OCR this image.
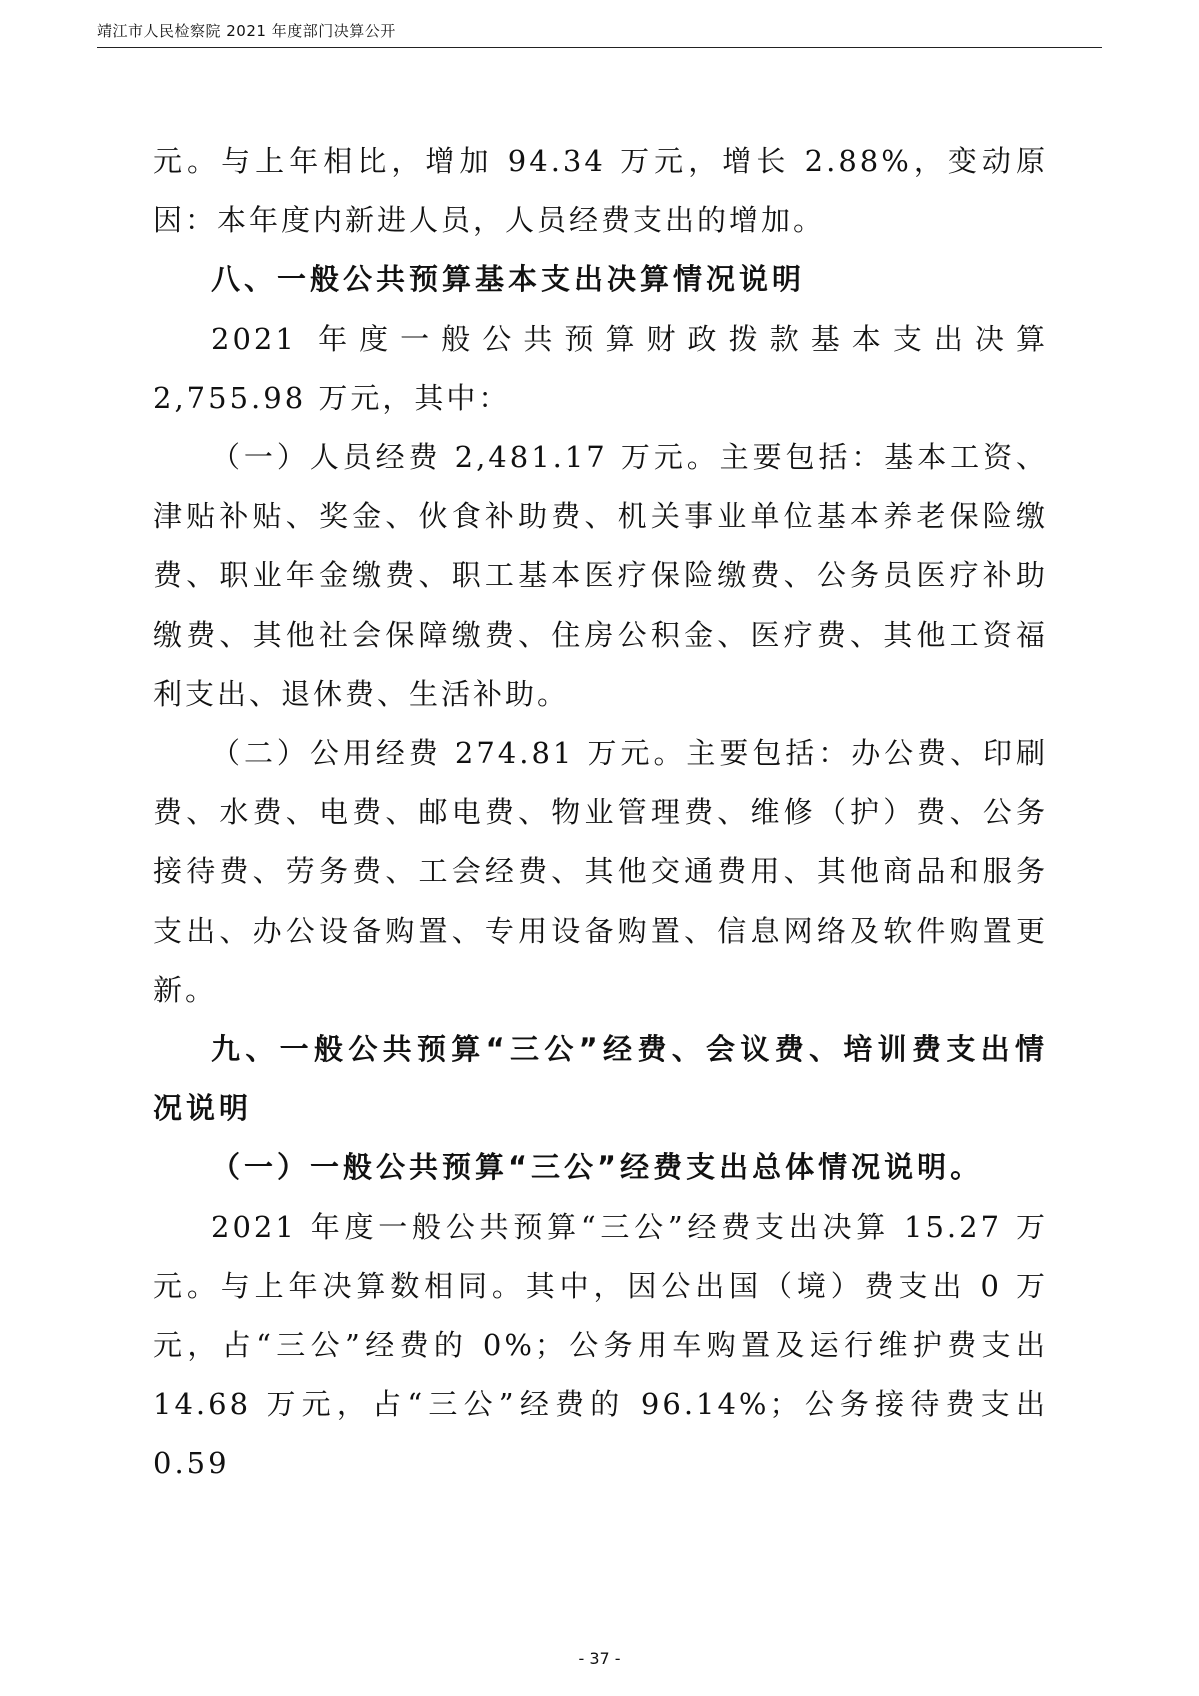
靖江市人民检察院 2021 年度部门决算公开

元。与上年相比，增加 94.34 万元，增长 2.88%，变动原因：本年度内新进人员，人员经费支出的增加。

八、一般公共预算基本支出决算情况说明

2021 年度一般公共预算财政拨款基本支出决算 2,755.98 万元，其中：

（一）人员经费 2,481.17 万元。主要包括：基本工资、津贴补贴、奖金、伙食补助费、机关事业单位基本养老保险缴费、职业年金缴费、职工基本医疗保险缴费、公务员医疗补助缴费、其他社会保障缴费、住房公积金、医疗费、其他工资福利支出、退休费、生活补助。

（二）公用经费 274.81 万元。主要包括：办公费、印刷费、水费、电费、邮电费、物业管理费、维修（护）费、公务接待费、劳务费、工会经费、其他交通费用、其他商品和服务支出、办公设备购置、专用设备购置、信息网络及软件购置更新。

九、一般公共预算“三公”经费、会议费、培训费支出情况说明

（一）一般公共预算“三公”经费支出总体情况说明。

2021 年度一般公共预算“三公”经费支出决算 15.27 万元。与上年决算数相同。其中，因公出国（境）费支出 0 万元，占“三公”经费的 0%；公务用车购置及运行维护费支出 14.68 万元，占“三公”经费的 96.14%；公务接待费支出 0.59

- 37 -
